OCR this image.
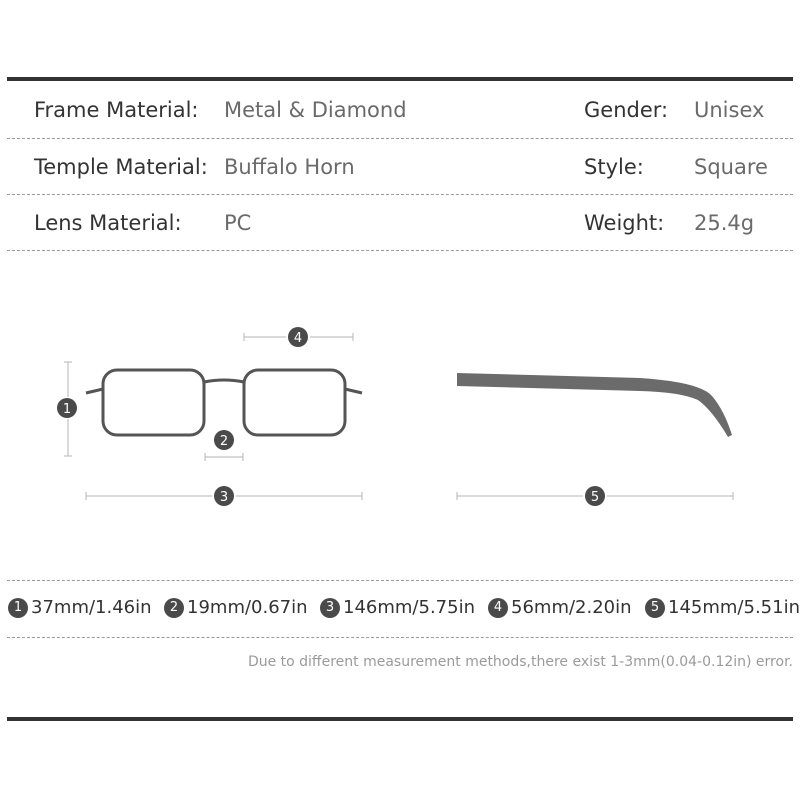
Frame Material: Metal & Diamond	Gender: Unisex
Temple Material: Buffalo Horn	Style: Square
Lens Material: PC	Weight: 25.4g
1
2
3
4
5
1 37mm/1.46in	2 19mm/0.67in	3 146mm/5.75in	4 56mm/2.20in	5 145mm/5.51in
Due to different measurement methods,there exist 1-3mm(0.04-0.12in) error.
